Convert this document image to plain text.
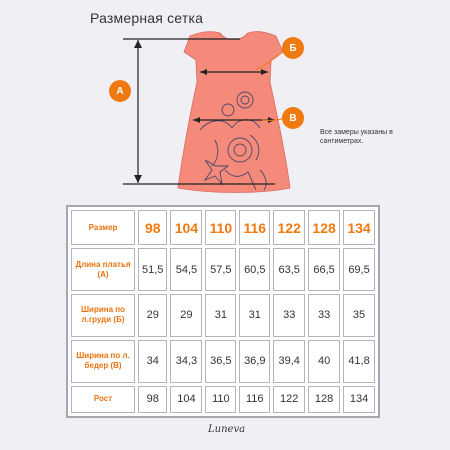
Размерная сетка
А
Б
В
Все замеры указаны в сантиметрах.
Размер	98	104	110	116	122	128	134
Длина платья (А)	51,5	54,5	57,5	60,5	63,5	66,5	69,5
Ширина по л.груди (Б)	29	29	31	31	33	33	35
Ширина по л. бедер (В)	34	34,3	36,5	36,9	39,4	40	41,8
Рост	98	104	110	116	122	128	134
Luneva
